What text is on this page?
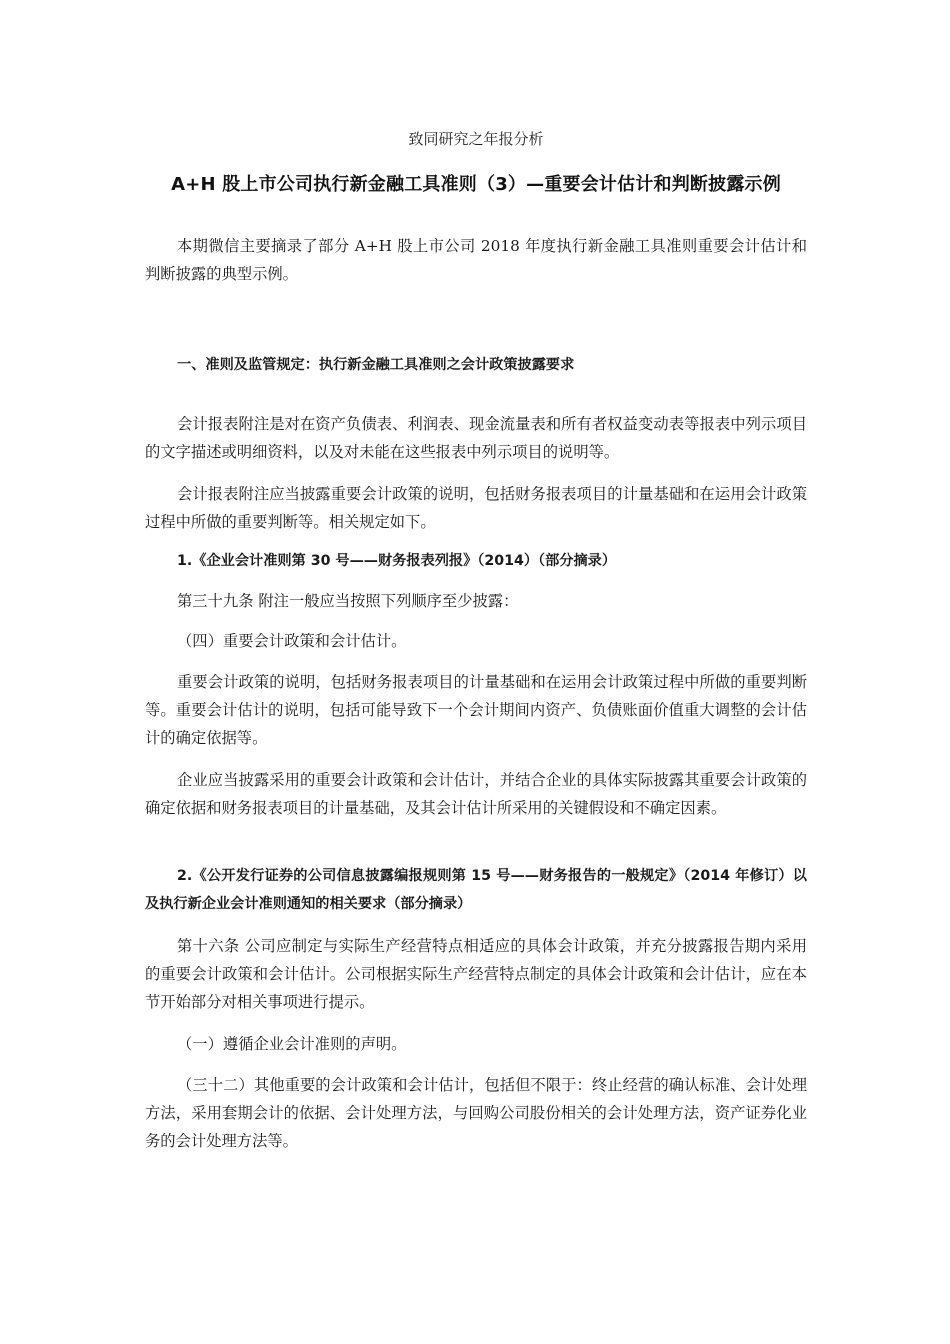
致同研究之年报分析
A+H 股上市公司执行新金融工具准则（3）—重要会计估计和判断披露示例

本期微信主要摘录了部分 A+H 股上市公司 2018 年度执行新金融工具准则重要会计估计和判断披露的典型示例。

一、准则及监管规定：执行新金融工具准则之会计政策披露要求

会计报表附注是对在资产负债表、利润表、现金流量表和所有者权益变动表等报表中列示项目的文字描述或明细资料，以及对未能在这些报表中列示项目的说明等。

会计报表附注应当披露重要会计政策的说明，包括财务报表项目的计量基础和在运用会计政策过程中所做的重要判断等。相关规定如下。

1.《企业会计准则第 30 号——财务报表列报》（2014）（部分摘录）

第三十九条 附注一般应当按照下列顺序至少披露：

（四）重要会计政策和会计估计。

重要会计政策的说明，包括财务报表项目的计量基础和在运用会计政策过程中所做的重要判断等。重要会计估计的说明，包括可能导致下一个会计期间内资产、负债账面价值重大调整的会计估计的确定依据等。

企业应当披露采用的重要会计政策和会计估计，并结合企业的具体实际披露其重要会计政策的确定依据和财务报表项目的计量基础，及其会计估计所采用的关键假设和不确定因素。

2.《公开发行证券的公司信息披露编报规则第 15 号——财务报告的一般规定》（2014 年修订）以及执行新企业会计准则通知的相关要求（部分摘录）

第十六条 公司应制定与实际生产经营特点相适应的具体会计政策，并充分披露报告期内采用的重要会计政策和会计估计。公司根据实际生产经营特点制定的具体会计政策和会计估计，应在本节开始部分对相关事项进行提示。

（一）遵循企业会计准则的声明。

（三十二）其他重要的会计政策和会计估计，包括但不限于：终止经营的确认标准、会计处理方法，采用套期会计的依据、会计处理方法，与回购公司股份相关的会计处理方法，资产证券化业务的会计处理方法等。
